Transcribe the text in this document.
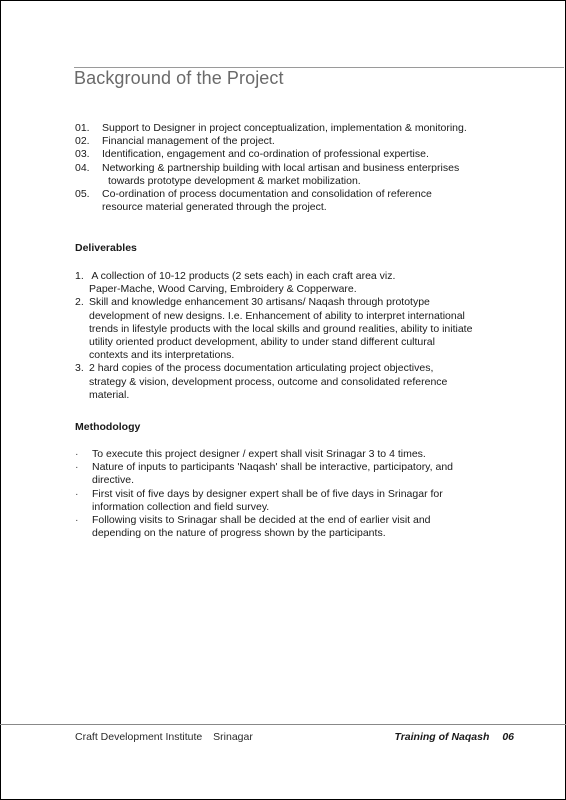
Background of the Project
01.	Support to Designer in project conceptualization, implementation & monitoring.
02.	Financial management of the project.
03.	Identification, engagement and co-ordination of professional expertise.
04.	Networking & partnership building with local artisan and business enterprises
towards prototype development & market mobilization.
05.	Co-ordination of process documentation and consolidation of reference
resource material generated through the project.
Deliverables
1. A collection of 10-12 products (2 sets each) in each craft area viz.
Paper-Mache, Wood Carving, Embroidery & Copperware.
2. Skill and knowledge enhancement 30 artisans/ Naqash through prototype
development of new designs. I.e. Enhancement of ability to interpret international
trends in lifestyle products with the local skills and ground realities, ability to initiate
utility oriented product development, ability to under stand different cultural
contexts and its interpretations.
3. 2 hard copies of the process documentation articulating project objectives,
strategy & vision, development process, outcome and consolidated reference
material.
Methodology
·	To execute this project designer / expert shall visit Srinagar 3 to 4 times.
·	Nature of inputs to participants 'Naqash' shall be interactive, participatory, and
directive.
·	First visit of five days by designer expert shall be of five days in Srinagar for
information collection and field survey.
·	Following visits to Srinagar shall be decided at the end of earlier visit and
depending on the nature of progress shown by the participants.
Craft Development Institute Srinagar	Training of Naqash 06
